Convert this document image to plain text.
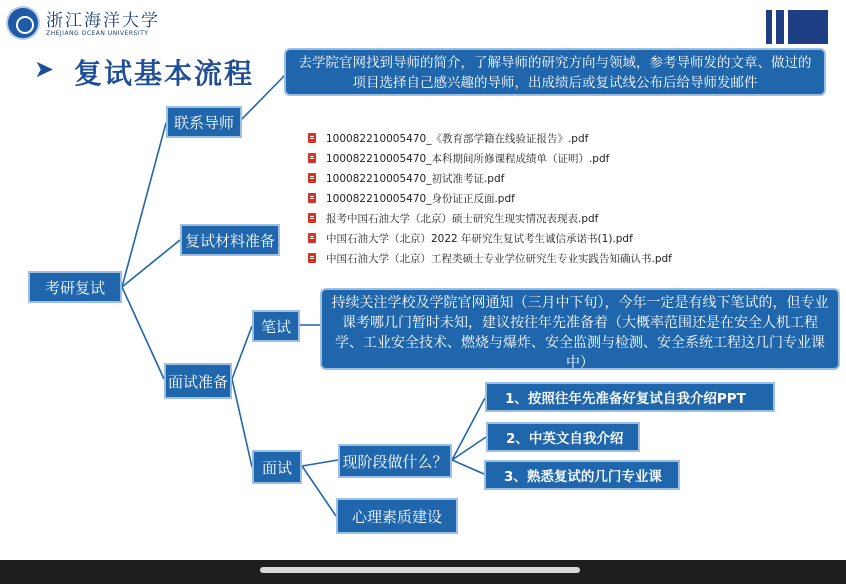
浙江海洋大学
ZHEJIANG OCEAN UNIVERSITY
➤ 复试基本流程
考研复试
联系导师
复试材料准备
面试准备
笔试
面试	现阶段做什么？
心理素质建设
去学院官网找到导师的简介，了解导师的研究方向与领域，参考导师发的文章、做过的项目选择自己感兴趣的导师，出成绩后或复试线公布后给导师发邮件
持续关注学校及学院官网通知（三月中下旬），今年一定是有线下笔试的，但专业课考哪几门暂时未知，建议按往年先准备着（大概率范围还是在安全人机工程学、工业安全技术、燃烧与爆炸、安全监测与检测、安全系统工程这几门专业课中）
1、按照往年先准备好复试自我介绍PPT
2、中英文自我介绍
3、熟悉复试的几门专业课
100082210005470_《教育部学籍在线验证报告》.pdf
100082210005470_本科期间所修课程成绩单（证明）.pdf
100082210005470_初试准考证.pdf
100082210005470_身份证正反面.pdf
报考中国石油大学（北京）硕士研究生现实情况表现表.pdf
中国石油大学（北京）2022 年研究生复试考生诚信承诺书(1).pdf
中国石油大学（北京）工程类硕士专业学位研究生专业实践告知确认书.pdf
